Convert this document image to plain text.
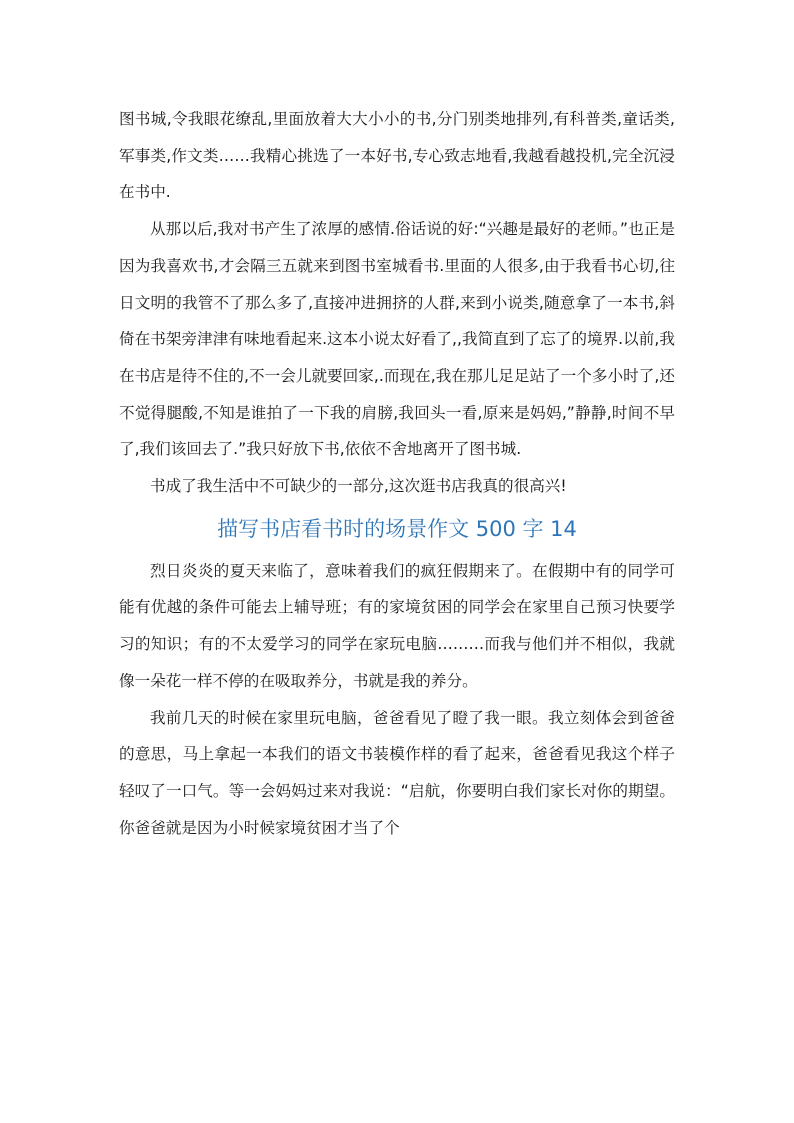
图书城,令我眼花缭乱,里面放着大大小小的书,分门别类地排列,有科普类,童话类,军事类,作文类……我精心挑选了一本好书,专心致志地看,我越看越投机,完全沉浸在书中.

从那以后,我对书产生了浓厚的感情.俗话说的好:“兴趣是最好的老师。”也正是因为我喜欢书,才会隔三五就来到图书室城看书.里面的人很多,由于我看书心切,往日文明的我管不了那么多了,直接冲进拥挤的人群,来到小说类,随意拿了一本书,斜倚在书架旁津津有味地看起来.这本小说太好看了,,我简直到了忘了的境界.以前,我在书店是待不住的,不一会儿就要回家,.而现在,我在那儿足足站了一个多小时了,还不觉得腿酸,不知是谁拍了一下我的肩膀,我回头一看,原来是妈妈,”静静,时间不早了,我们该回去了.”我只好放下书,依依不舍地离开了图书城.

书成了我生活中不可缺少的一部分,这次逛书店我真的很高兴!

描写书店看书时的场景作文 500 字 14

烈日炎炎的夏天来临了，意味着我们的疯狂假期来了。在假期中有的同学可能有优越的条件可能去上辅导班；有的家境贫困的同学会在家里自己预习快要学习的知识；有的不太爱学习的同学在家玩电脑………而我与他们并不相似，我就像一朵花一样不停的在吸取养分，书就是我的养分。

我前几天的时候在家里玩电脑，爸爸看见了瞪了我一眼。我立刻体会到爸爸的意思，马上拿起一本我们的语文书装模作样的看了起来，爸爸看见我这个样子轻叹了一口气。等一会妈妈过来对我说：“启航，你要明白我们家长对你的期望。你爸爸就是因为小时候家境贫困才当了个
